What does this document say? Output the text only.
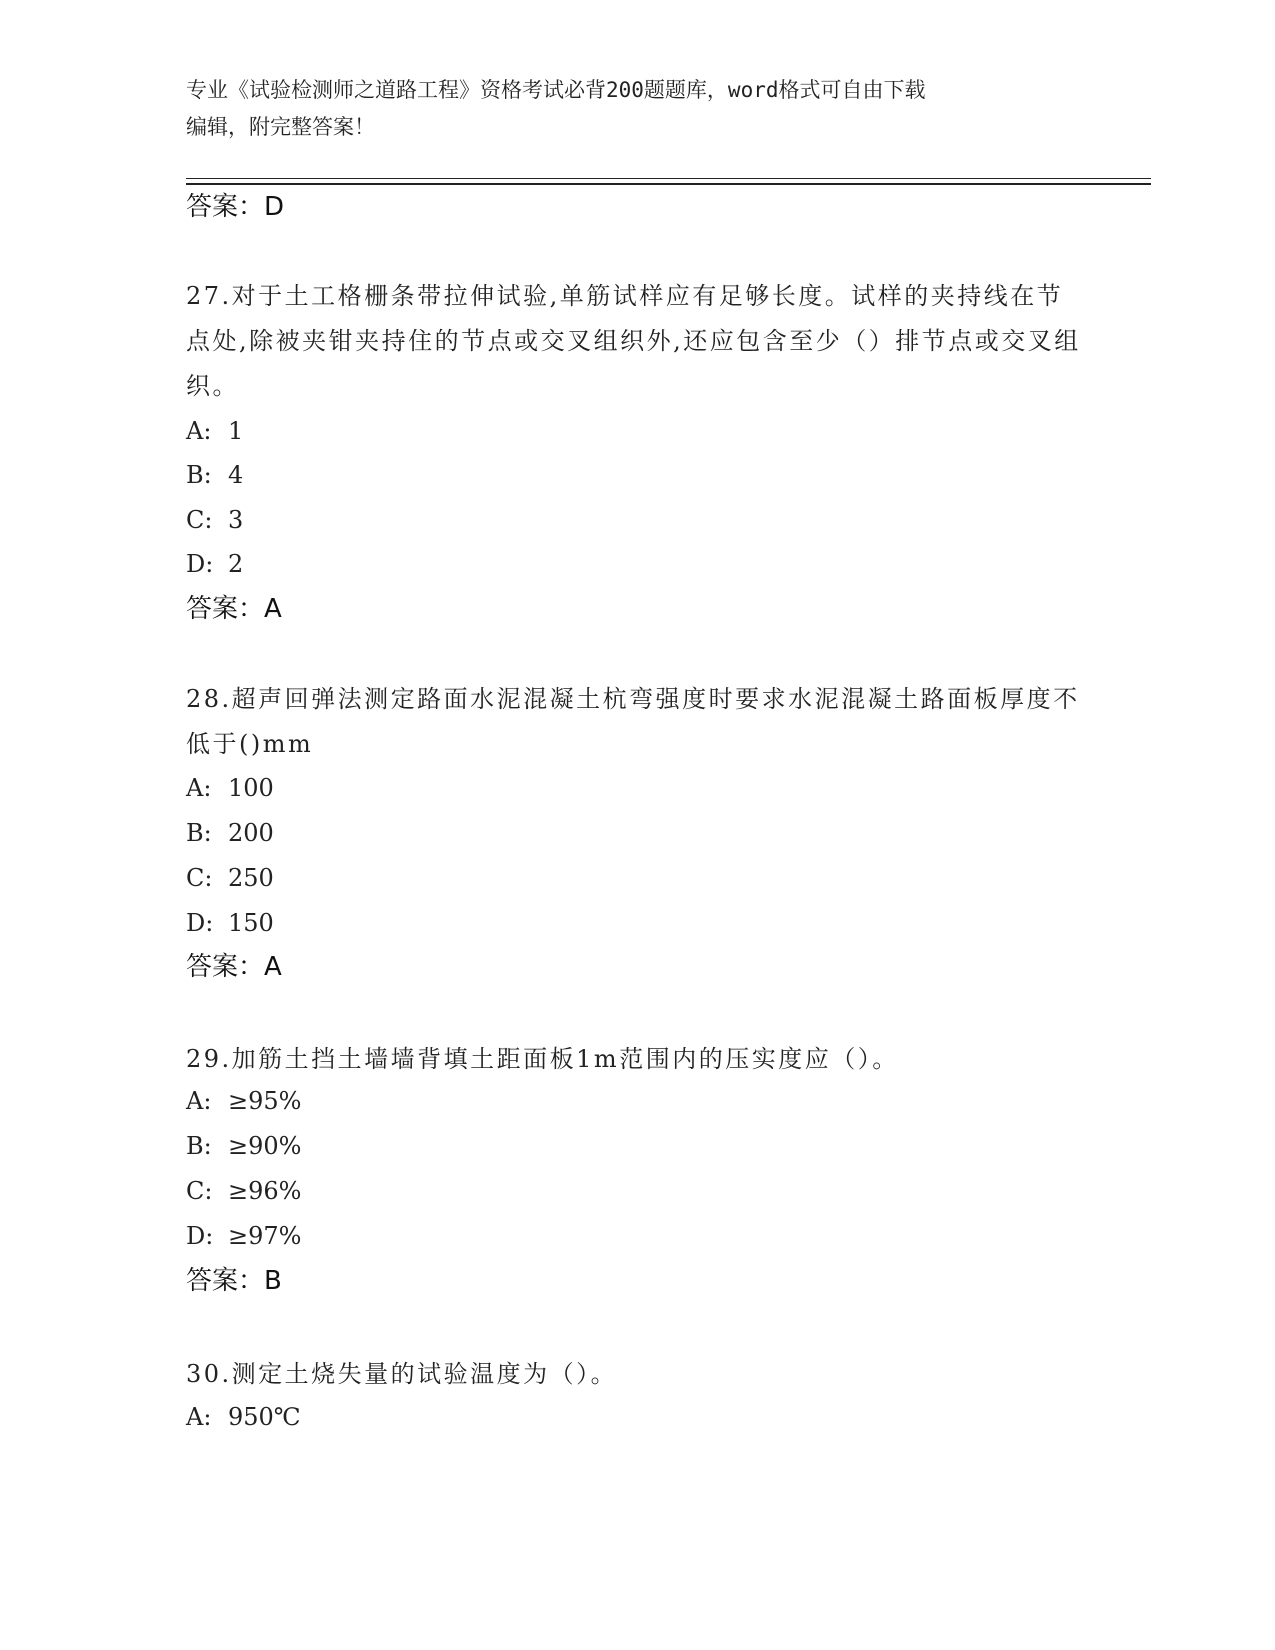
专业《试验检测师之道路工程》资格考试必背200题题库，word格式可自由下载
编辑，附完整答案！
答案：D
27.对于土工格栅条带拉伸试验,单筋试样应有足够长度。试样的夹持线在节点处,除被夹钳夹持住的节点或交叉组织外,还应包含至少（）排节点或交叉组织。
A: 1
B: 4
C: 3
D: 2
答案：A
28.超声回弹法测定路面水泥混凝土杭弯强度时要求水泥混凝土路面板厚度不低于()mm
A: 100
B: 200
C: 250
D: 150
答案：A
29.加筋土挡土墙墙背填土距面板1m范围内的压实度应（）。
A: ≥95%
B: ≥90%
C: ≥96%
D: ≥97%
答案：B
30.测定土烧失量的试验温度为（）。
A: 950℃
